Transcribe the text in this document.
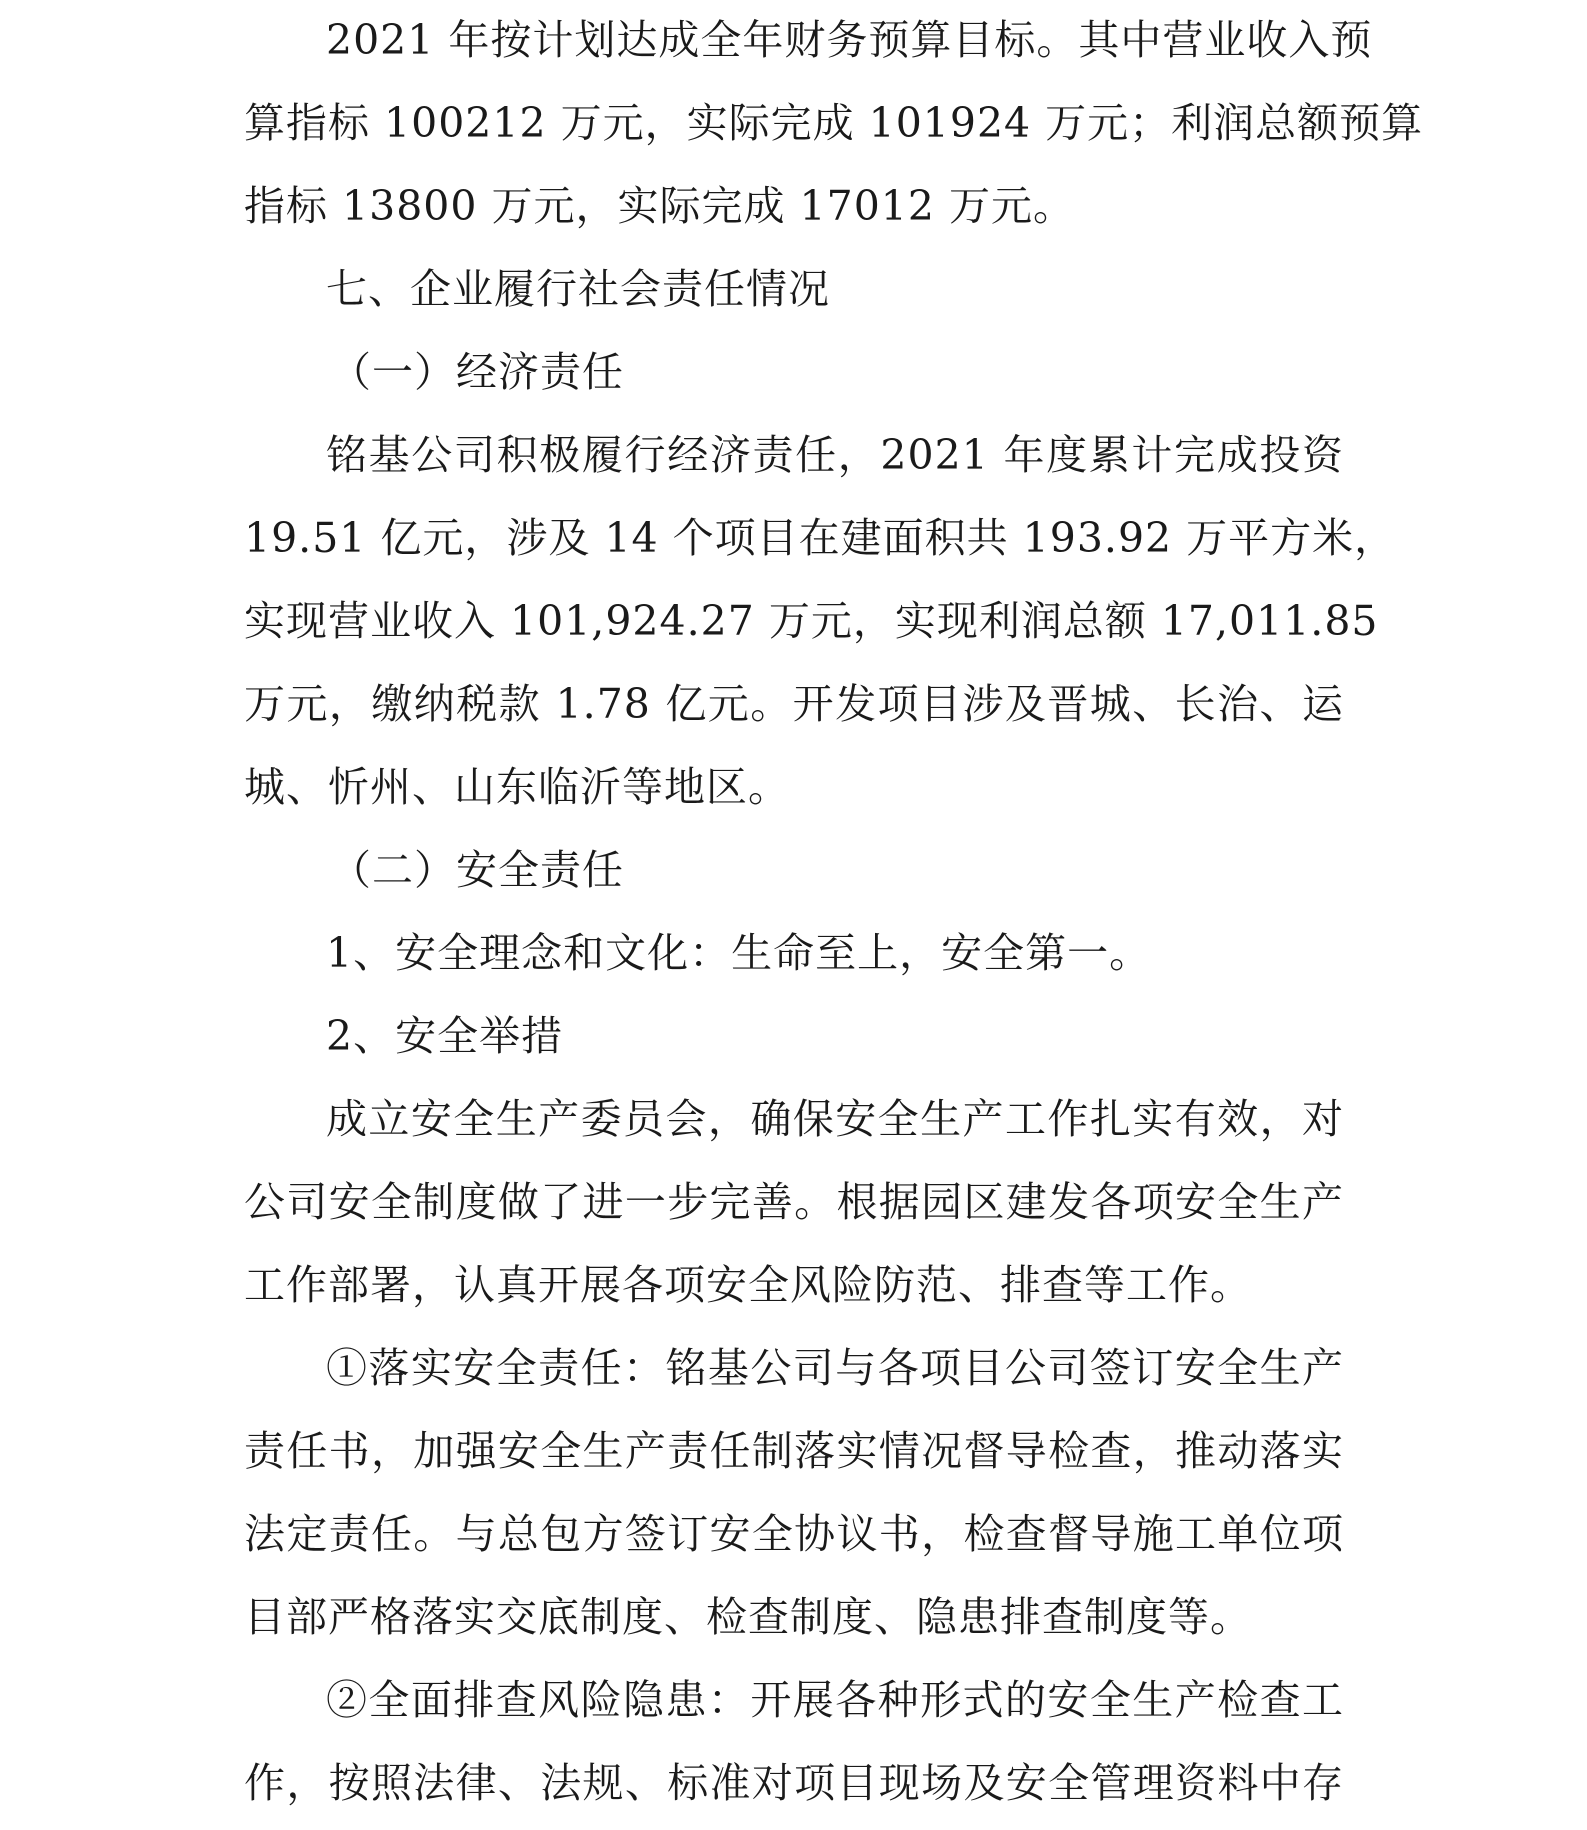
2021 年按计划达成全年财务预算目标。其中营业收入预
算指标 100212 万元，实际完成 101924 万元；利润总额预算
指标 13800 万元，实际完成 17012 万元。
七、企业履行社会责任情况
（一）经济责任
铭基公司积极履行经济责任，2021 年度累计完成投资
19.51 亿元，涉及 14 个项目在建面积共 193.92 万平方米，
实现营业收入 101,924.27 万元，实现利润总额 17,011.85
万元，缴纳税款 1.78 亿元。开发项目涉及晋城、长治、运
城、忻州、山东临沂等地区。
（二）安全责任
1、安全理念和文化：生命至上，安全第一。
2、安全举措
成立安全生产委员会，确保安全生产工作扎实有效，对
公司安全制度做了进一步完善。根据园区建发各项安全生产
工作部署，认真开展各项安全风险防范、排查等工作。
①落实安全责任：铭基公司与各项目公司签订安全生产
责任书，加强安全生产责任制落实情况督导检查，推动落实
法定责任。与总包方签订安全协议书，检查督导施工单位项
目部严格落实交底制度、检查制度、隐患排查制度等。
②全面排查风险隐患：开展各种形式的安全生产检查工
作，按照法律、法规、标准对项目现场及安全管理资料中存
